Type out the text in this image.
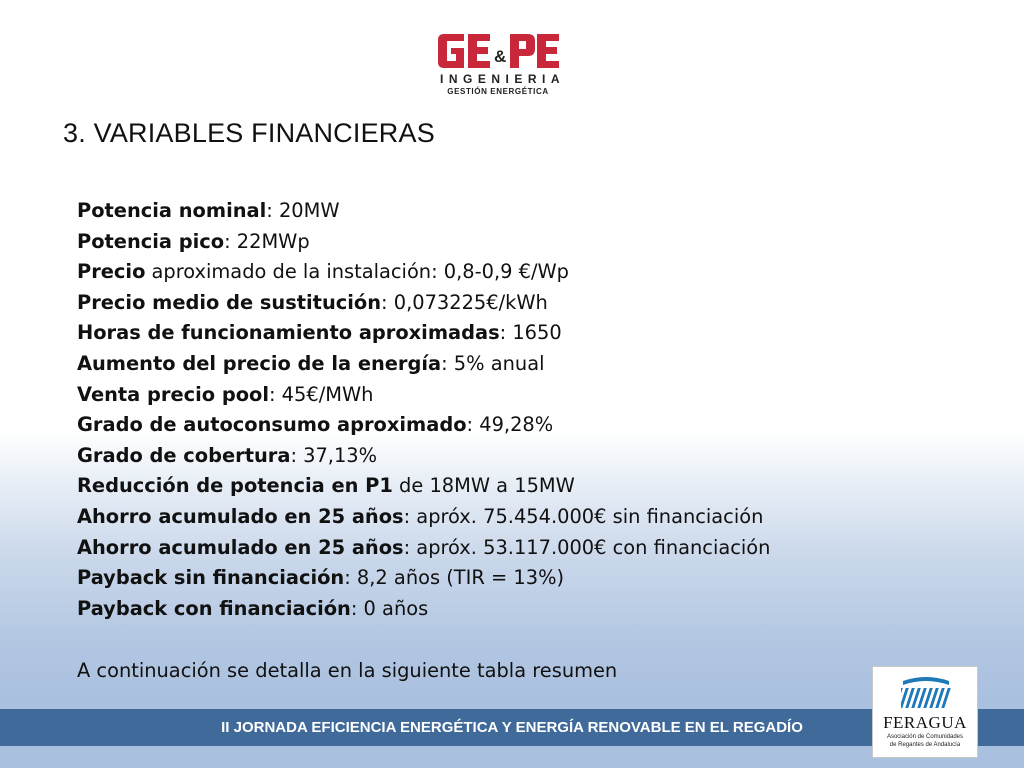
&
INGENIERIA
GESTIÓN ENERGÉTICA
3. VARIABLES FINANCIERAS
Potencia nominal: 20MW
Potencia pico: 22MWp
Precio aproximado de la instalación: 0,8-0,9 €/Wp
Precio medio de sustitución: 0,073225€/kWh
Horas de funcionamiento aproximadas: 1650
Aumento del precio de la energía: 5% anual
Venta precio pool: 45€/MWh
Grado de autoconsumo aproximado: 49,28%
Grado de cobertura: 37,13%
Reducción de potencia en P1 de 18MW a 15MW
Ahorro acumulado en 25 años: apróx. 75.454.000€ sin financiación
Ahorro acumulado en 25 años: apróx. 53.117.000€ con financiación
Payback sin financiación: 8,2 años (TIR = 13%)
Payback con financiación: 0 años
A continuación se detalla en la siguiente tabla resumen
II JORNADA EFICIENCIA ENERGÉTICA Y ENERGÍA RENOVABLE EN EL REGADÍO	FERAGUA
Asociación de Comunidades
de Regantes de Andalucía
